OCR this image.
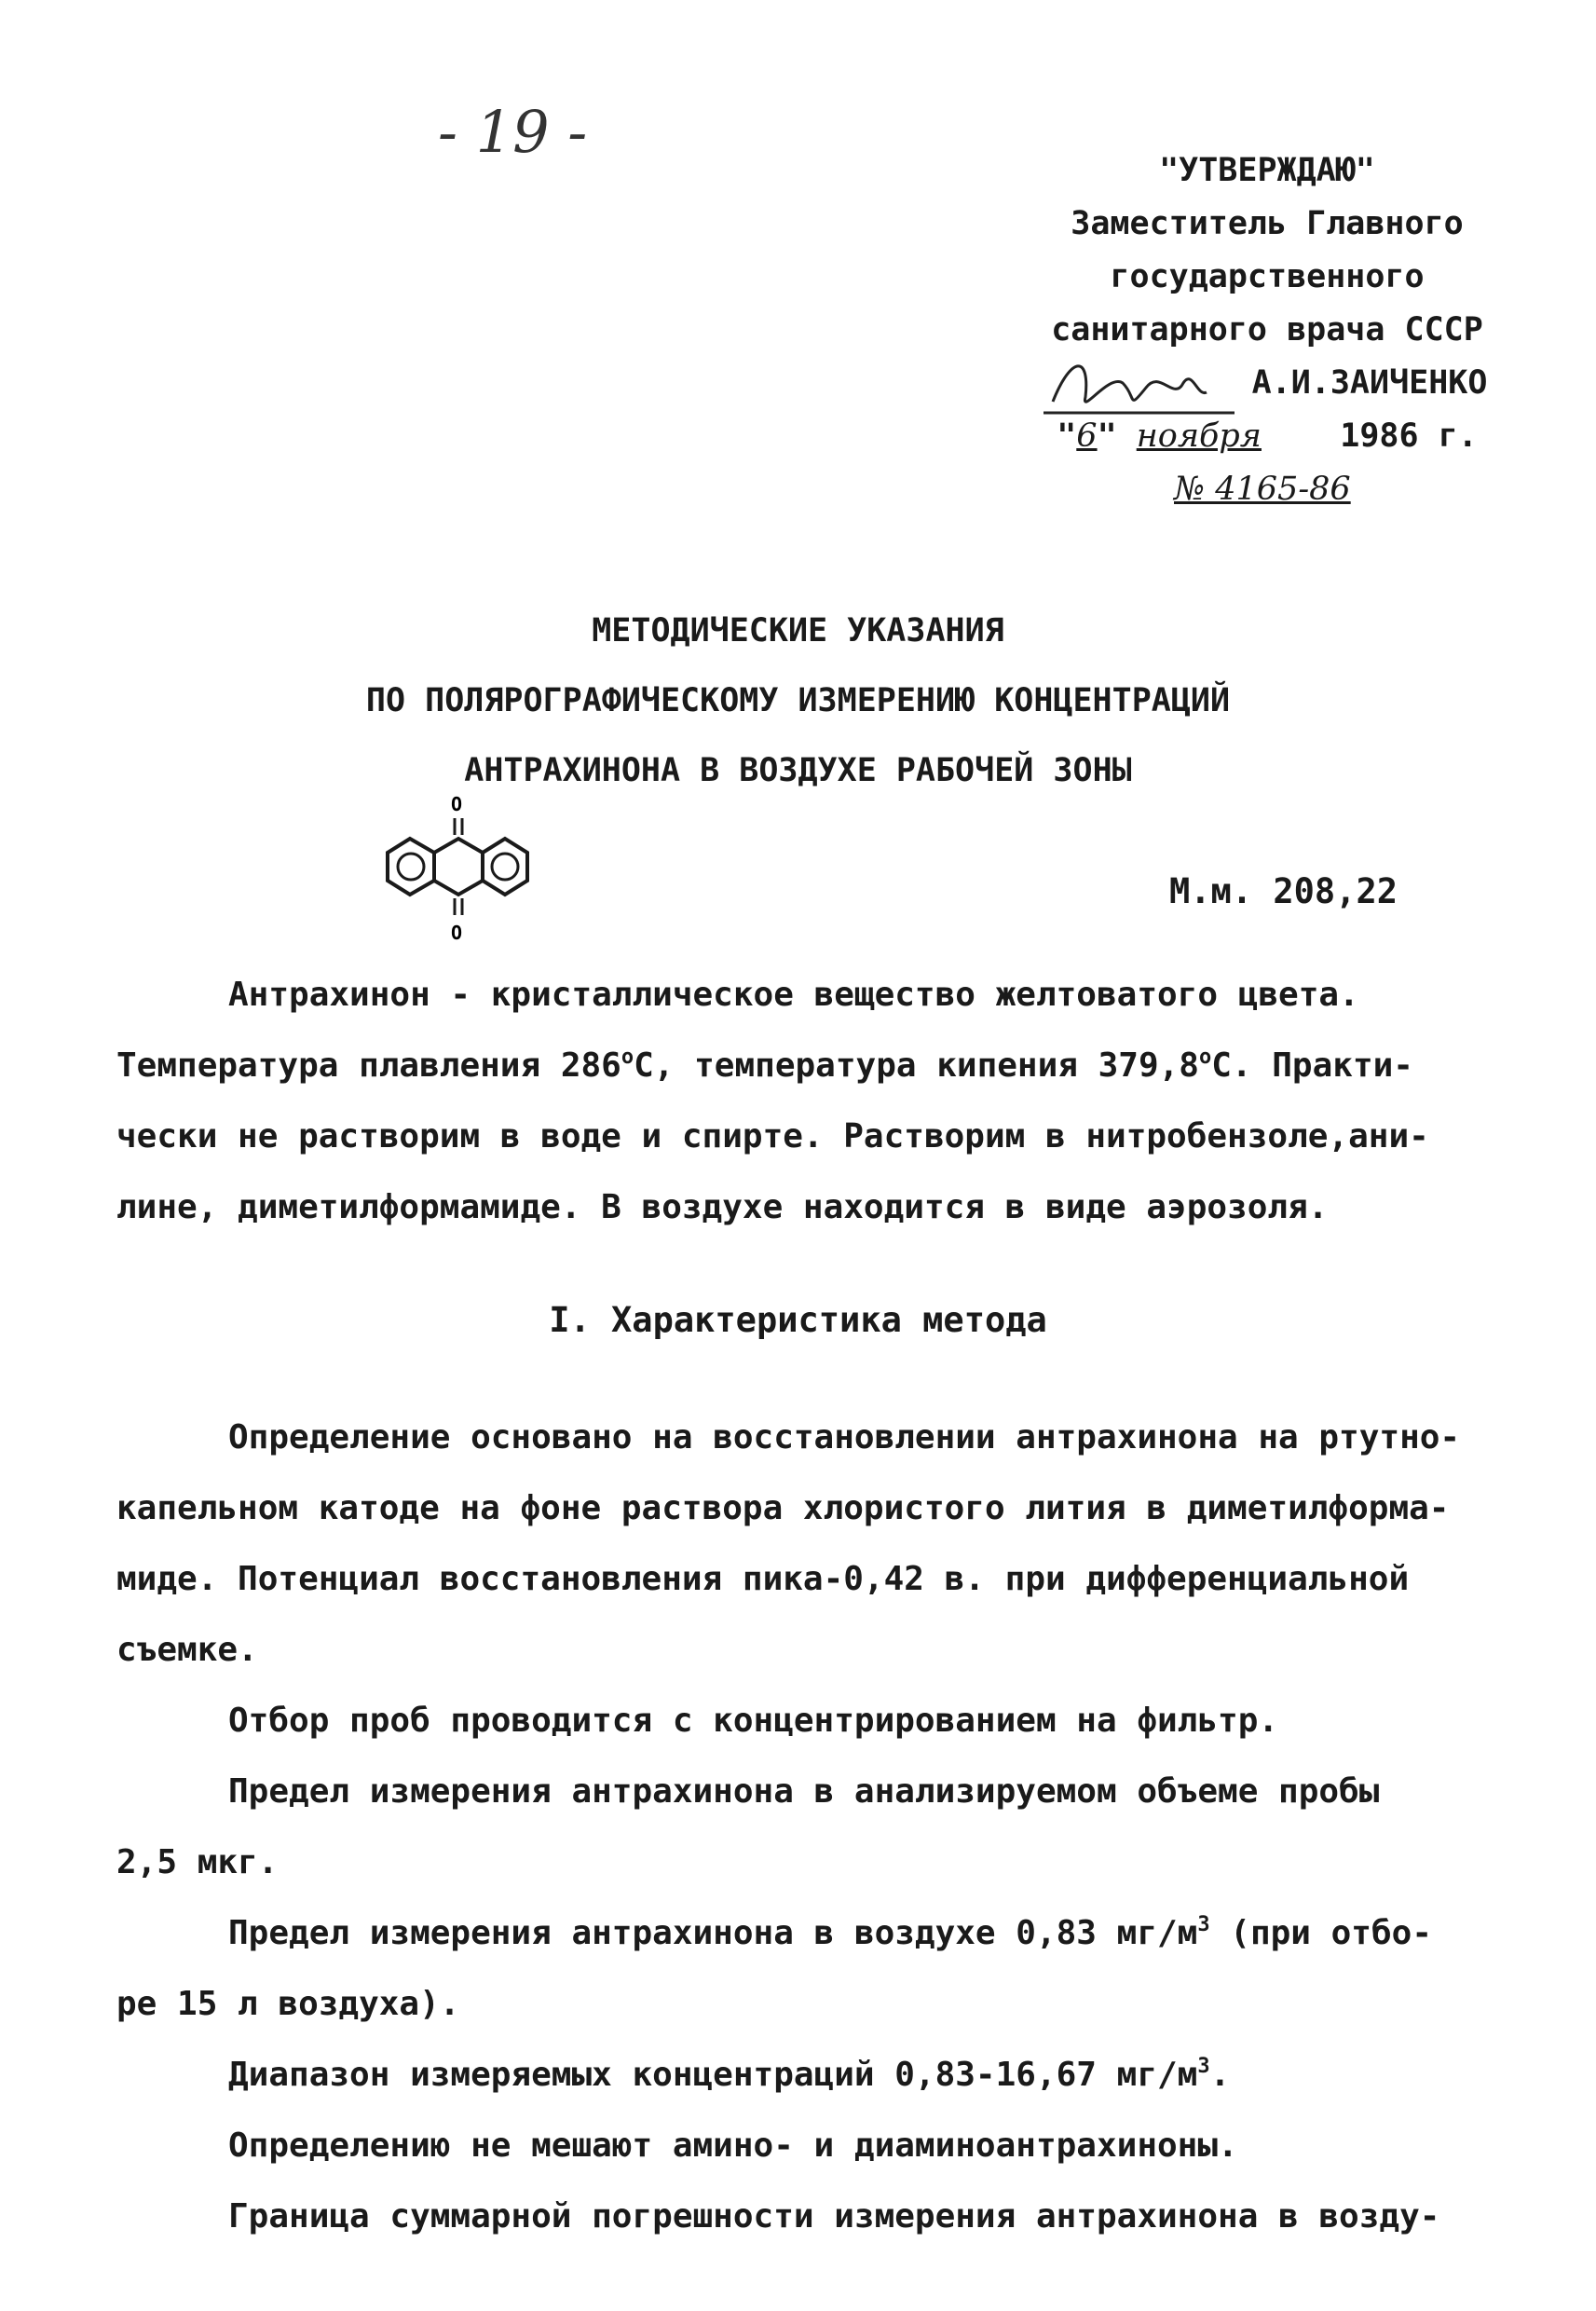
- 19 -
"УТВЕРЖДАЮ"
Заместитель Главного
государственного
санитарного врача СССР
А.И.ЗАИЧЕНКО
"6" ноября 1986 г.
№ 4165-86
МЕТОДИЧЕСКИЕ УКАЗАНИЯ
ПО ПОЛЯРОГРАФИЧЕСКОМУ ИЗМЕРЕНИЮ КОНЦЕНТРАЦИЙ
АНТРАХИНОНА В ВОЗДУХЕ РАБОЧЕЙ ЗОНЫ
O
O
М.м. 208,22
Антрахинон - кристаллическое вещество желтоватого цвета.
Температура плавления $286^оС$, температура кипения $379,8^оС$. Практи-
чески не растворим в воде и спирте. Растворим в нитробензоле,ани-
лине, диметилформамиде. В воздухе находится в виде аэрозоля.
I. Характеристика метода
Определение основано на восстановлении антрахинона на ртутно-
капельном катоде на фоне раствора хлористого лития в диметилформа-
миде. Потенциал восстановления пика-0,42 в. при дифференциальной
съемке.
Отбор проб проводится с концентрированием на фильтр.
Предел измерения антрахинона в анализируемом объеме пробы
2,5 мкг.
Предел измерения антрахинона в воздухе 0,83 $мг/м^3$ (при отбо-
ре 15 л воздуха).
Диапазон измеряемых концентраций 0,83-16,67 $мг/м^3$.
Определению не мешают амино- и диаминоантрахиноны.
Граница суммарной погрешности измерения антрахинона в возду-
